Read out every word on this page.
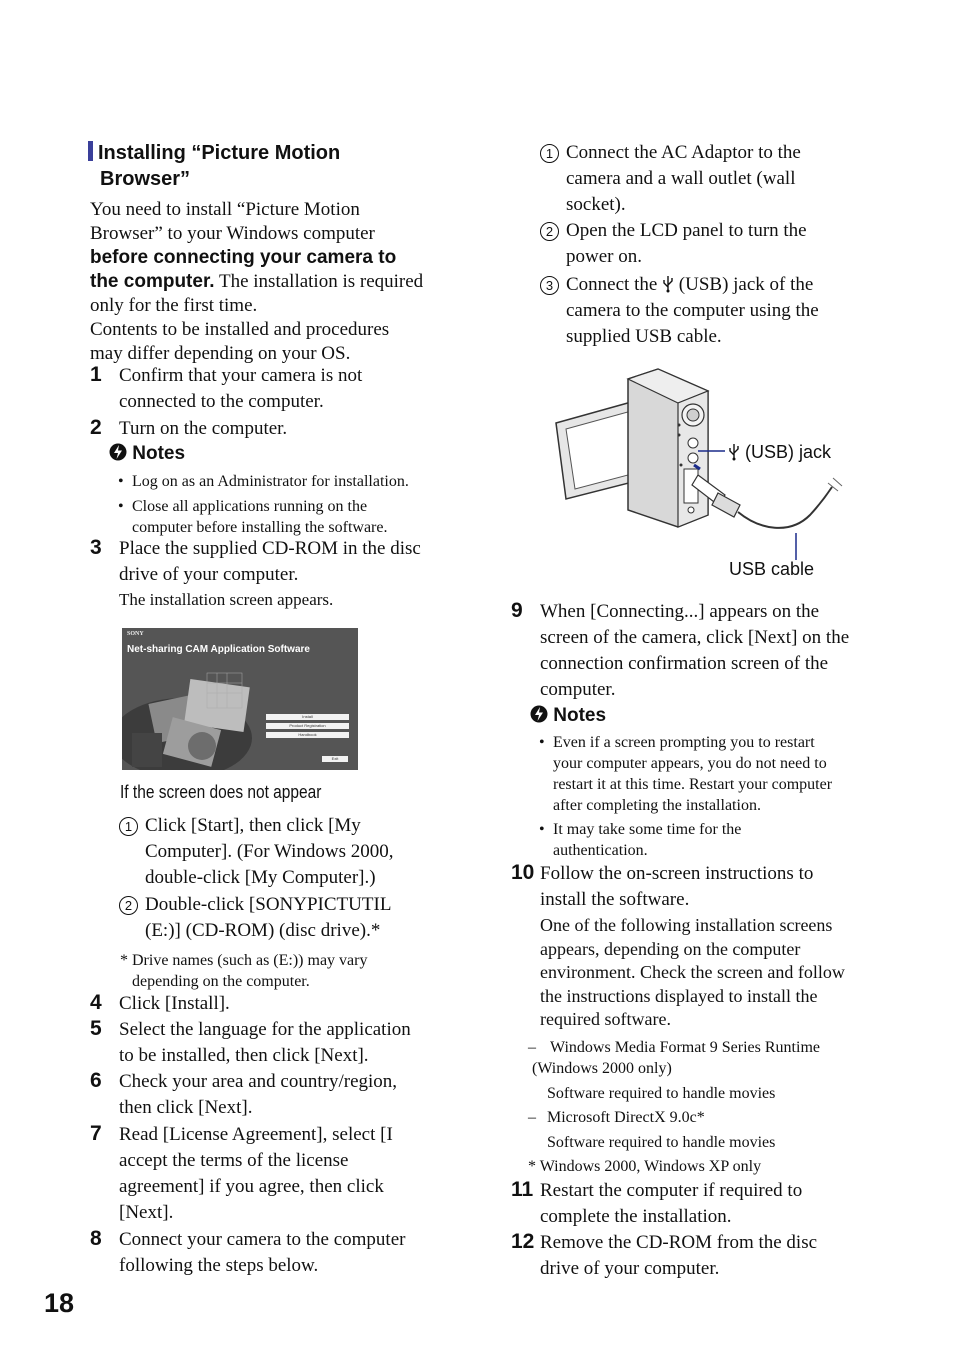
Installing “Picture Motion
Browser”
You need to install “Picture Motion
Browser” to your Windows computer
before connecting your camera to
the computer. The installation is required
only for the first time.
Contents to be installed and procedures
may differ depending on your OS.
1 Confirm that your camera is not
connected to the computer.
2 Turn on the computer.
Notes
• Log on as an Administrator for installation.
• Close all applications running on the
computer before installing the software.
3 Place the supplied CD-ROM in the disc
drive of your computer.
The installation screen appears.
SONY
Net-sharing CAM Application Software
Install
Product Registration
Handbook
Exit
If the screen does not appear
1 Click [Start], then click [My
Computer]. (For Windows 2000,
double-click [My Computer].)
2 Double-click [SONYPICTUTIL
(E:)] (CD-ROM) (disc drive).*
* Drive names (such as (E:)) may vary
depending on the computer.
4 Click [Install].
5 Select the language for the application
to be installed, then click [Next].
6 Check your area and country/region,
then click [Next].
7 Read [License Agreement], select [I
accept the terms of the license
agreement] if you agree, then click
[Next].
8 Connect your camera to the computer
following the steps below.
18
1 Connect the AC Adaptor to the
camera and a wall outlet (wall
socket).
2 Open the LCD panel to turn the
power on.
3 Connect the  (USB) jack of the
camera to the computer using the
supplied USB cable.
(USB) jack
USB cable
9 When [Connecting...] appears on the
screen of the camera, click [Next] on the
connection confirmation screen of the
computer.
Notes
• Even if a screen prompting you to restart
your computer appears, you do not need to
restart it at this time. Restart your computer
after completing the installation.
• It may take some time for the
authentication.
10 Follow the on-screen instructions to
install the software.
One of the following installation screens
appears, depending on the computer
environment. Check the screen and follow
the instructions displayed to install the
required software.
– Windows Media Format 9 Series Runtime
(Windows 2000 only)
Software required to handle movies
– Microsoft DirectX 9.0c*
Software required to handle movies
* Windows 2000, Windows XP only
11 Restart the computer if required to
complete the installation.
12 Remove the CD-ROM from the disc
drive of your computer.
